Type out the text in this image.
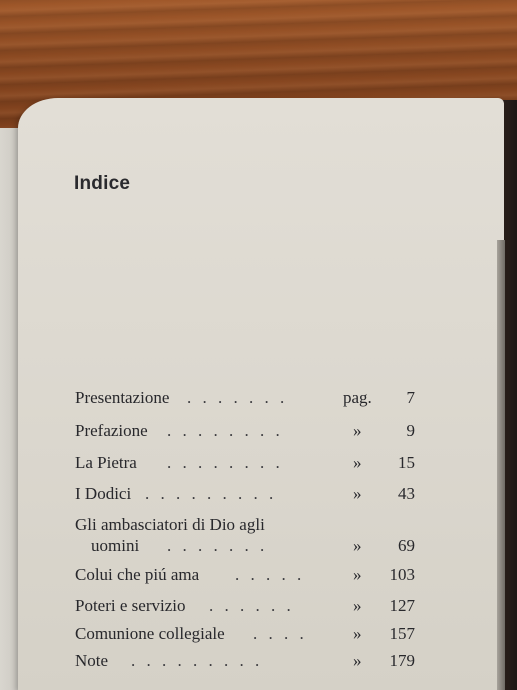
Indice
Presentazione . . . . . . .	pag. 7
Prefazione . . . . . . . .	»	9
La Pietra . . . . . . . .	» 15
I Dodici . . . . . . . . .	» 43
Gli ambasciatori di Dio agli
uomini . . . . . . .	» 69
Colui che piú ama . . . . .	» 103
Poteri e servizio . . . . . .	» 127
Comunione collegiale . . . .	» 157
Note . . . . . . . . .	» 179
